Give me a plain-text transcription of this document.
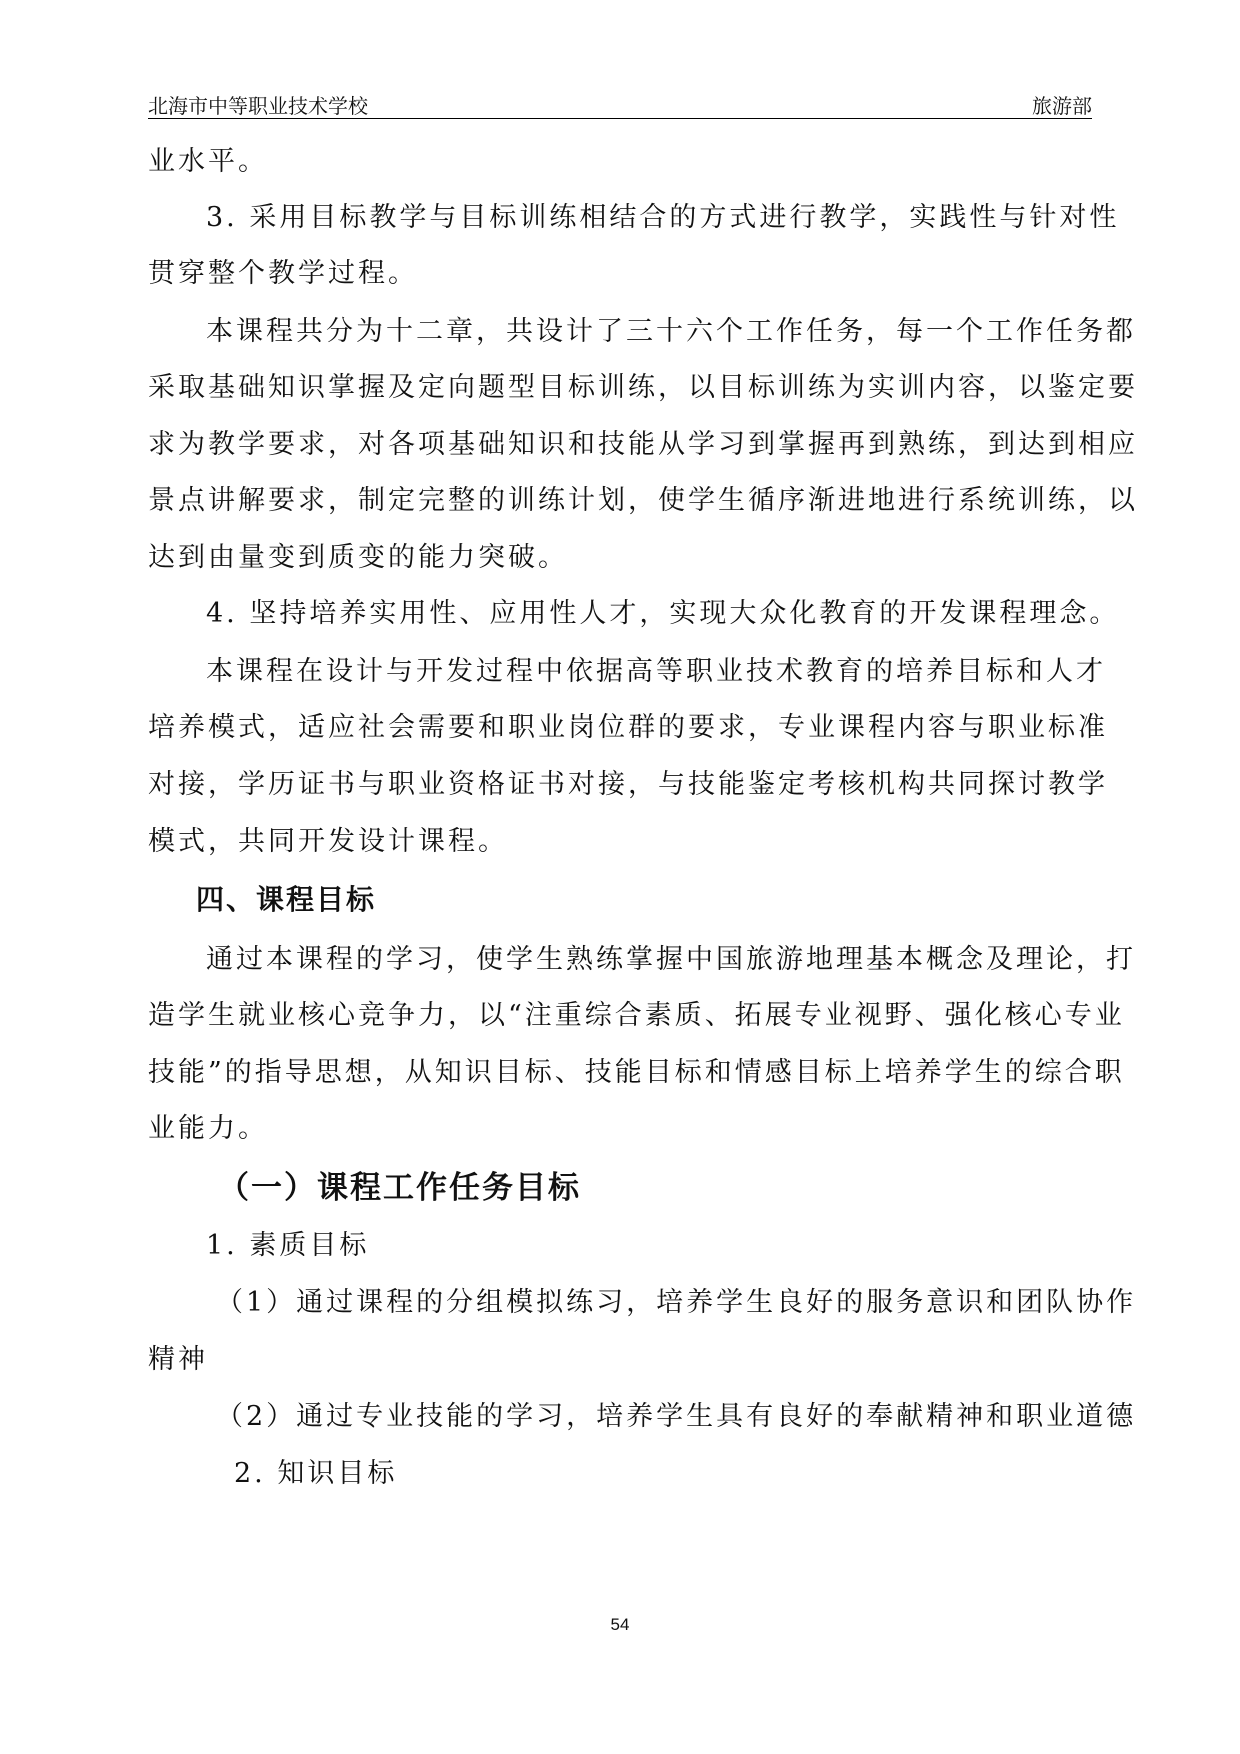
北海市中等职业技术学校	旅游部
业水平。
3. 采用目标教学与目标训练相结合的方式进行教学，实践性与针对性
贯穿整个教学过程。
本课程共分为十二章，共设计了三十六个工作任务，每一个工作任务都
采取基础知识掌握及定向题型目标训练，以目标训练为实训内容，以鉴定要
求为教学要求，对各项基础知识和技能从学习到掌握再到熟练，到达到相应
景点讲解要求，制定完整的训练计划，使学生循序渐进地进行系统训练，以
达到由量变到质变的能力突破。
4. 坚持培养实用性、应用性人才，实现大众化教育的开发课程理念。
本课程在设计与开发过程中依据高等职业技术教育的培养目标和人才
培养模式，适应社会需要和职业岗位群的要求，专业课程内容与职业标准
对接，学历证书与职业资格证书对接，与技能鉴定考核机构共同探讨教学
模式，共同开发设计课程。
四、课程目标
通过本课程的学习，使学生熟练掌握中国旅游地理基本概念及理论，打
造学生就业核心竞争力，以“注重综合素质、拓展专业视野、强化核心专业
技能”的指导思想，从知识目标、技能目标和情感目标上培养学生的综合职
业能力。
（一）课程工作任务目标
1. 素质目标
（1）通过课程的分组模拟练习，培养学生良好的服务意识和团队协作
精神
（2）通过专业技能的学习，培养学生具有良好的奉献精神和职业道德
2. 知识目标
54
